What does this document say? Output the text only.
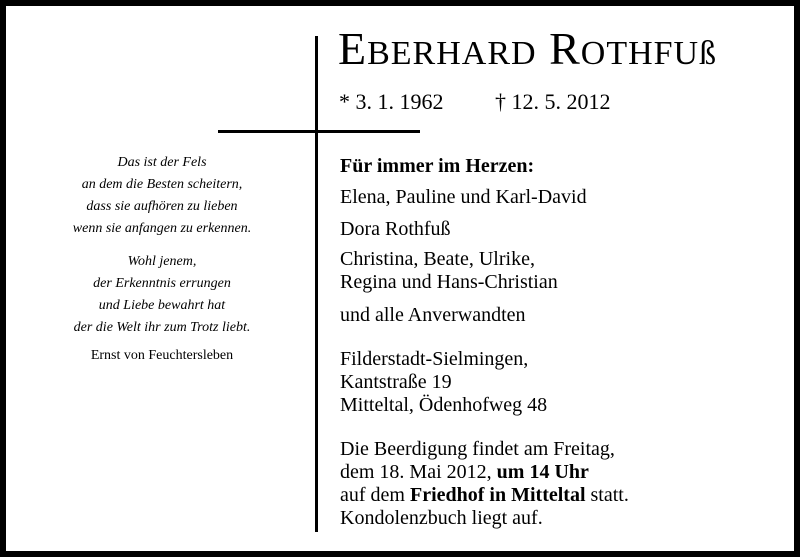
EBERHARD ROTHFUß
* 3. 1. 1962 † 12. 5. 2012
Das ist der Fels
an dem die Besten scheitern,
dass sie aufhören zu lieben
wenn sie anfangen zu erkennen.
Wohl jenem,
der Erkenntnis errungen
und Liebe bewahrt hat
der die Welt ihr zum Trotz liebt.
Ernst von Feuchtersleben
Für immer im Herzen:
Elena, Pauline und Karl-David
Dora Rothfuß
Christina, Beate, Ulrike,
Regina und Hans-Christian
und alle Anverwandten
Filderstadt-Sielmingen,
Kantstraße 19
Mitteltal, Ödenhofweg 48
Die Beerdigung findet am Freitag,
dem 18. Mai 2012, um 14 Uhr
auf dem Friedhof in Mitteltal statt.
Kondolenzbuch liegt auf.
